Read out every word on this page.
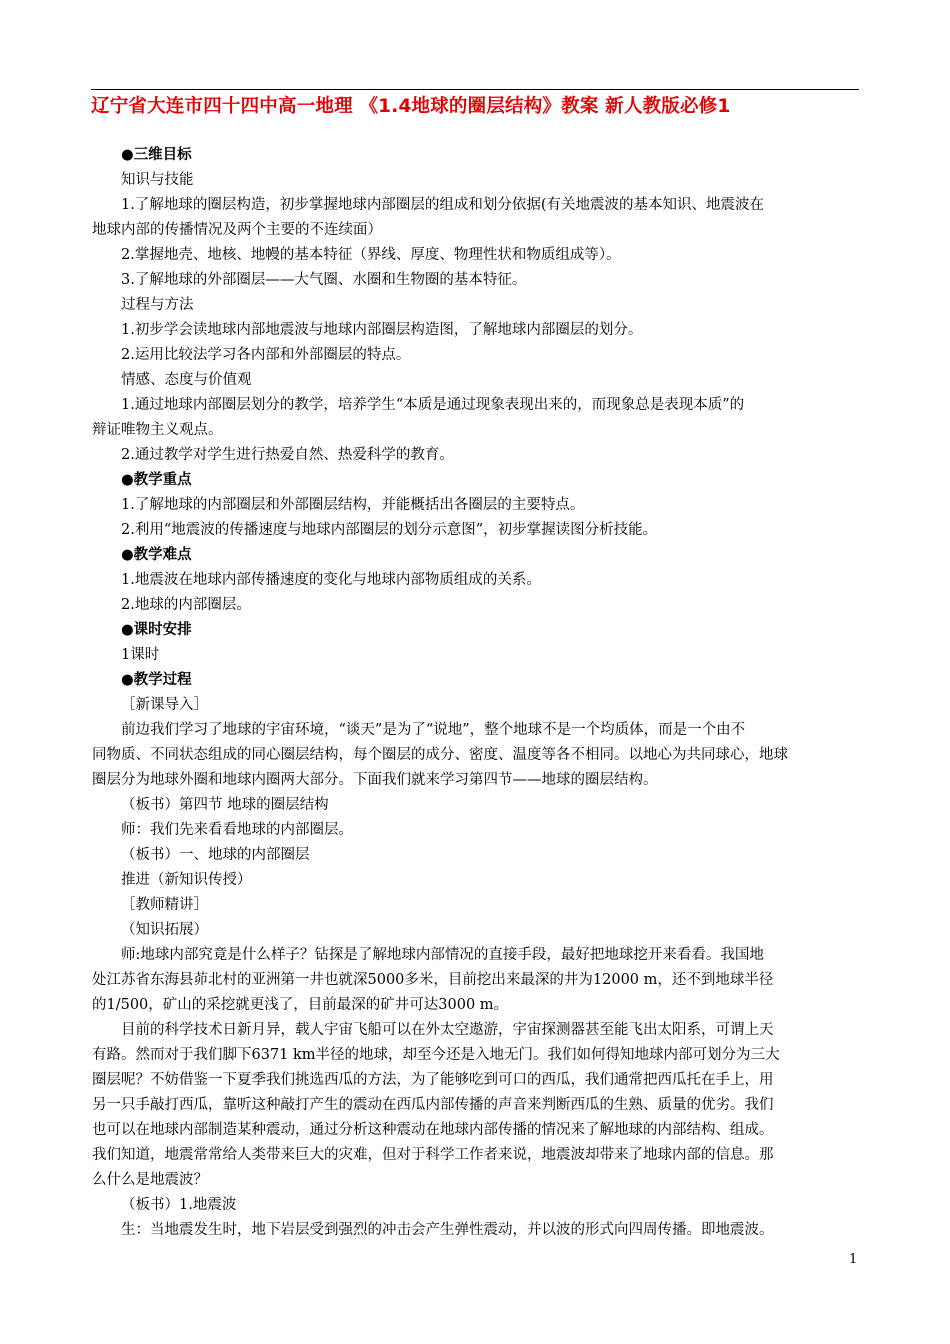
辽宁省大连市四十四中高一地理 《1.4地球的圈层结构》教案 新人教版必修1
●三维目标
知识与技能
1.了解地球的圈层构造，初步掌握地球内部圈层的组成和划分依据(有关地震波的基本知识、地震波在
地球内部的传播情况及两个主要的不连续面）
2.掌握地壳、地核、地幔的基本特征（界线、厚度、物理性状和物质组成等）。
3.了解地球的外部圈层——大气圈、水圈和生物圈的基本特征。
过程与方法
1.初步学会读地球内部地震波与地球内部圈层构造图，了解地球内部圈层的划分。
2.运用比较法学习各内部和外部圈层的特点。
情感、态度与价值观
1.通过地球内部圈层划分的教学，培养学生“本质是通过现象表现出来的，而现象总是表现本质”的
辩证唯物主义观点。
2.通过教学对学生进行热爱自然、热爱科学的教育。
●教学重点
1.了解地球的内部圈层和外部圈层结构，并能概括出各圈层的主要特点。
2.利用“地震波的传播速度与地球内部圈层的划分示意图”，初步掌握读图分析技能。
●教学难点
1.地震波在地球内部传播速度的变化与地球内部物质组成的关系。
2.地球的内部圈层。
●课时安排
1课时
●教学过程
［新课导入］
前边我们学习了地球的宇宙环境，“谈天”是为了“说地”，整个地球不是一个均质体，而是一个由不
同物质、不同状态组成的同心圈层结构，每个圈层的成分、密度、温度等各不相同。以地心为共同球心，地球
圈层分为地球外圈和地球内圈两大部分。下面我们就来学习第四节——地球的圈层结构。
（板书）第四节 地球的圈层结构
师：我们先来看看地球的内部圈层。
（板书）一、地球的内部圈层
推进（新知识传授）
［教师精讲］
（知识拓展）
师:地球内部究竟是什么样子？钻探是了解地球内部情况的直接手段，最好把地球挖开来看看。我国地
处江苏省东海县茆北村的亚洲第一井也就深5000多米，目前挖出来最深的井为12000 m，还不到地球半径
的1/500，矿山的采挖就更浅了，目前最深的矿井可达3000 m。
目前的科学技术日新月异，载人宇宙飞船可以在外太空遨游，宇宙探测器甚至能飞出太阳系，可谓上天
有路。然而对于我们脚下6371 km半径的地球，却至今还是入地无门。我们如何得知地球内部可划分为三大
圈层呢？不妨借鉴一下夏季我们挑选西瓜的方法，为了能够吃到可口的西瓜，我们通常把西瓜托在手上，用
另一只手敲打西瓜，靠听这种敲打产生的震动在西瓜内部传播的声音来判断西瓜的生熟、质量的优劣。我们
也可以在地球内部制造某种震动，通过分析这种震动在地球内部传播的情况来了解地球的内部结构、组成。
我们知道，地震常常给人类带来巨大的灾难，但对于科学工作者来说，地震波却带来了地球内部的信息。那
么什么是地震波？
（板书）1.地震波
生：当地震发生时，地下岩层受到强烈的冲击会产生弹性震动，并以波的形式向四周传播。即地震波。
1
